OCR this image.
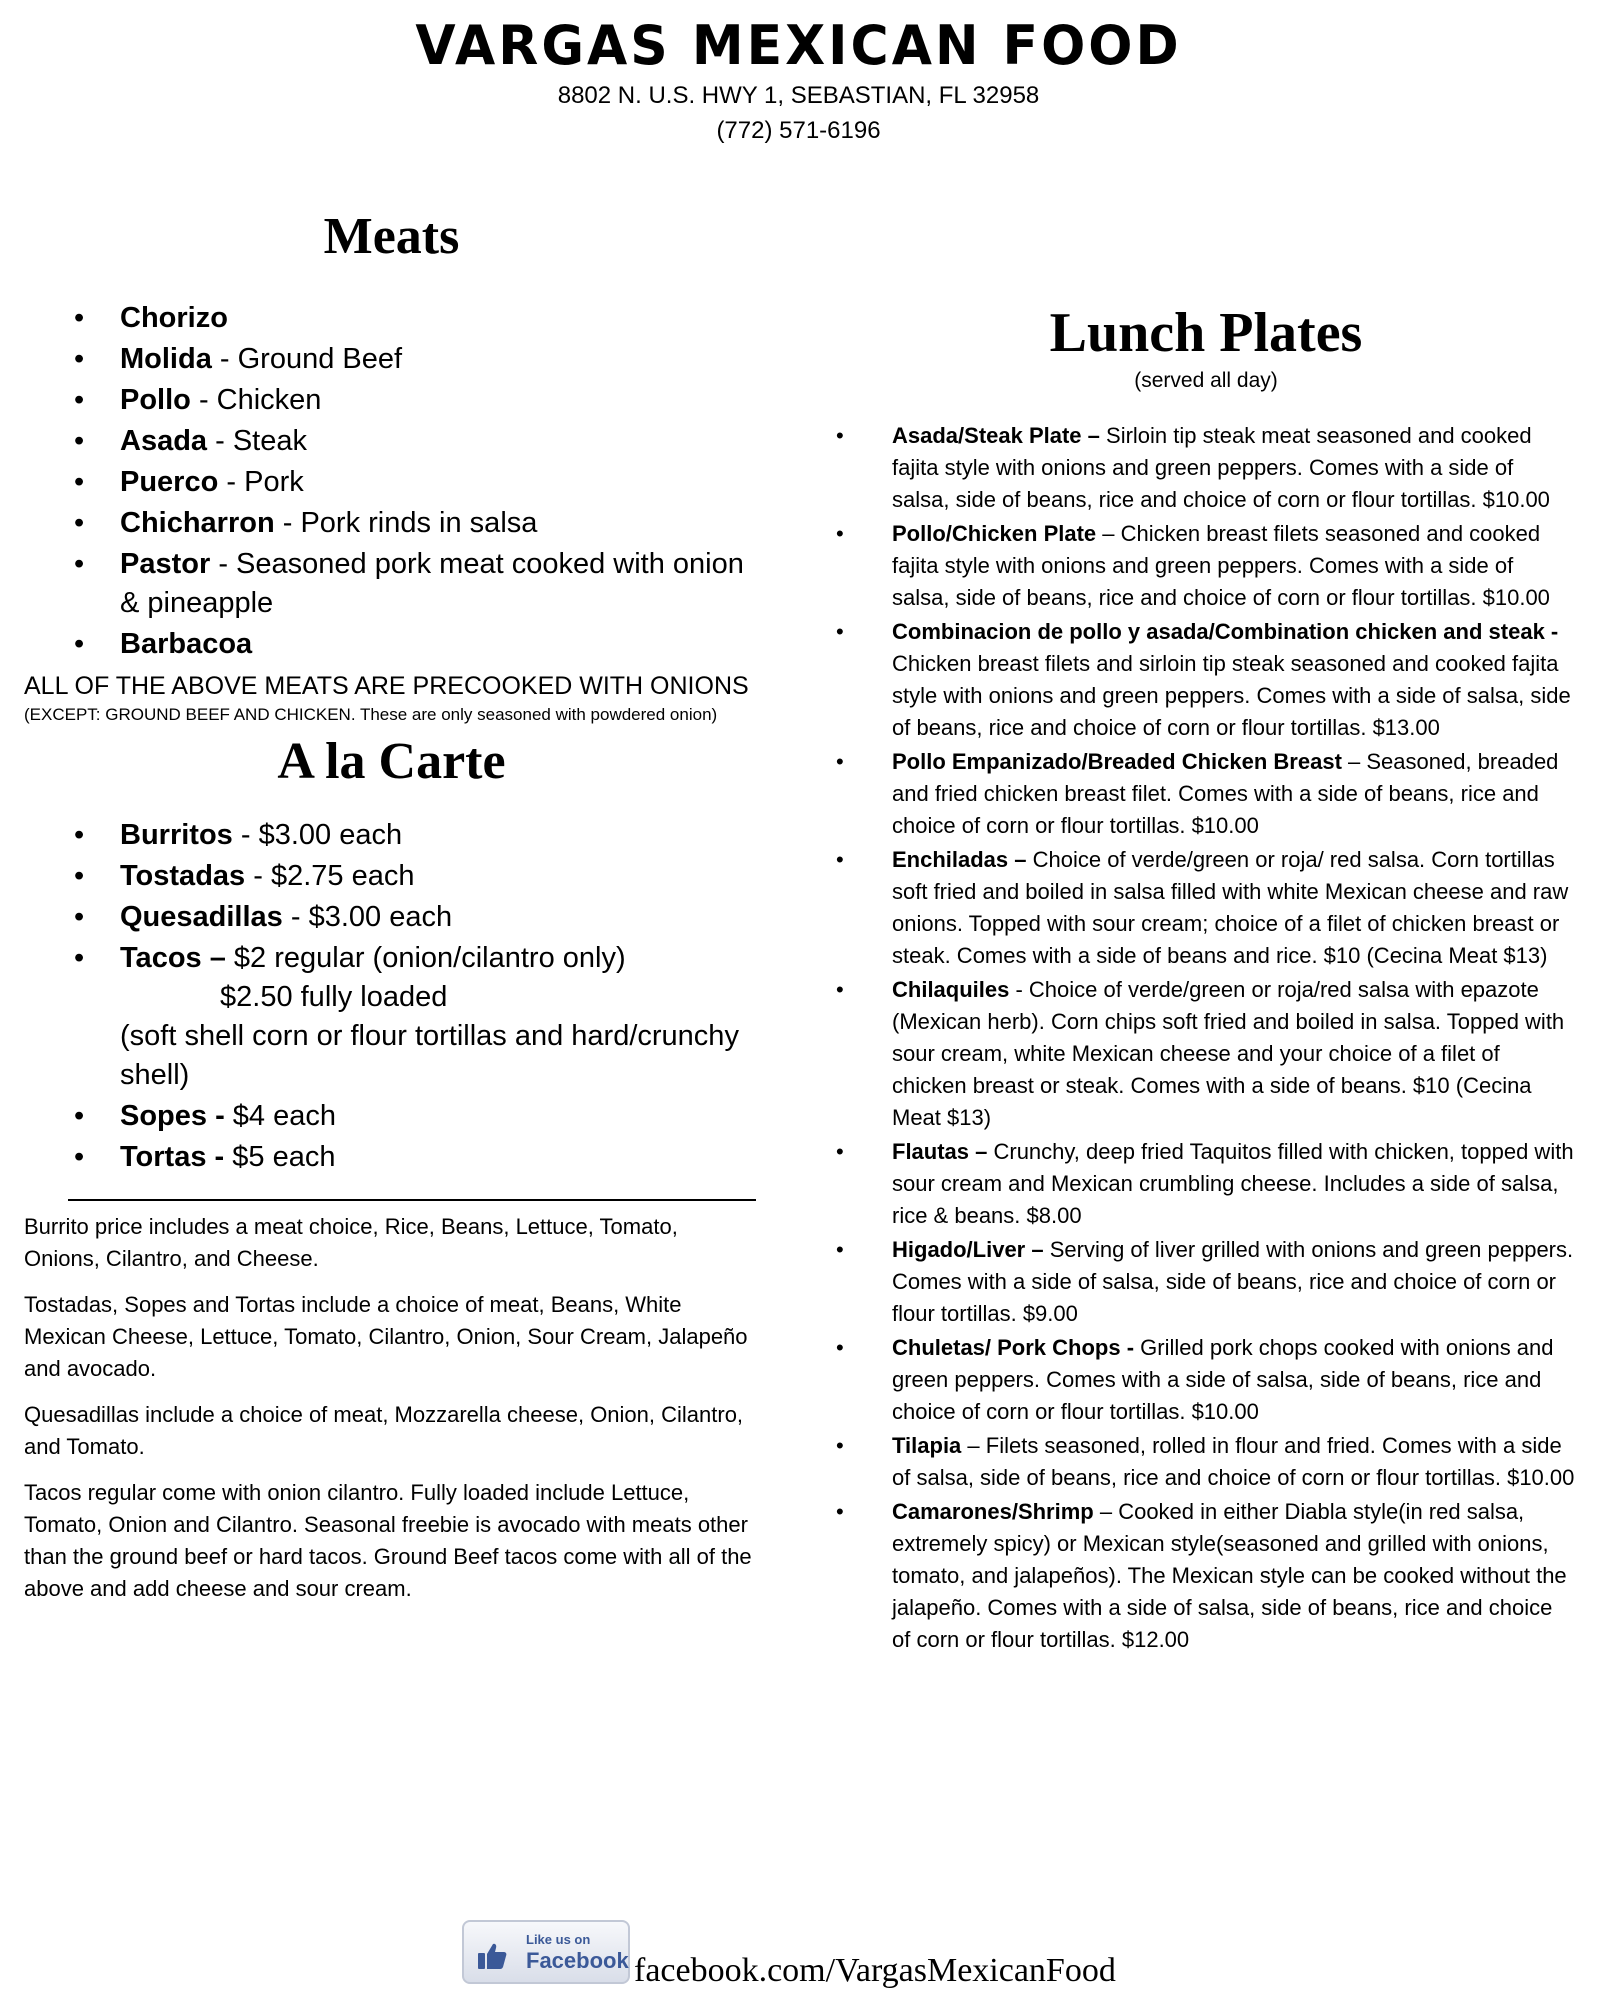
VARGAS MEXICAN FOOD

8802 N. U.S. HWY 1, SEBASTIAN, FL 32958

(772) 571-6196

Meats
• Chorizo
• Molida - Ground Beef
• Pollo - Chicken
• Asada - Steak
• Puerco - Pork
• Chicharron - Pork rinds in salsa
• Pastor - Seasoned pork meat cooked with onion & pineapple
• Barbacoa

ALL OF THE ABOVE MEATS ARE PRECOOKED WITH ONIONS

(EXCEPT: GROUND BEEF AND CHICKEN. These are only seasoned with powdered onion)

A la Carte
• Burritos - $3.00 each
• Tostadas - $2.75 each
• Quesadillas - $3.00 each
• Tacos – $2 regular (onion/cilantro only)
$2.50 fully loaded
(soft shell corn or flour tortillas and hard/crunchy shell)
• Sopes - $4 each
• Tortas - $5 each

Burrito price includes a meat choice, Rice, Beans, Lettuce, Tomato, Onions, Cilantro, and Cheese.

Tostadas, Sopes and Tortas include a choice of meat, Beans, White Mexican Cheese, Lettuce, Tomato, Cilantro, Onion, Sour Cream, Jalapeño and avocado.

Quesadillas include a choice of meat, Mozzarella cheese, Onion, Cilantro, and Tomato.

Tacos regular come with onion cilantro. Fully loaded include Lettuce, Tomato, Onion and Cilantro. Seasonal freebie is avocado with meats other than the ground beef or hard tacos. Ground Beef tacos come with all of the above and add cheese and sour cream.

Lunch Plates

(served all day)

• Asada/Steak Plate – Sirloin tip steak meat seasoned and cooked fajita style with onions and green peppers. Comes with a side of salsa, side of beans, rice and choice of corn or flour tortillas. $10.00
• Pollo/Chicken Plate – Chicken breast filets seasoned and cooked fajita style with onions and green peppers. Comes with a side of salsa, side of beans, rice and choice of corn or flour tortillas. $10.00
• Combinacion de pollo y asada/Combination chicken and steak - Chicken breast filets and sirloin tip steak seasoned and cooked fajita style with onions and green peppers. Comes with a side of salsa, side of beans, rice and choice of corn or flour tortillas. $13.00
• Pollo Empanizado/Breaded Chicken Breast – Seasoned, breaded and fried chicken breast filet. Comes with a side of beans, rice and choice of corn or flour tortillas. $10.00
• Enchiladas – Choice of verde/green or roja/ red salsa. Corn tortillas soft fried and boiled in salsa filled with white Mexican cheese and raw onions. Topped with sour cream; choice of a filet of chicken breast or steak. Comes with a side of beans and rice. $10 (Cecina Meat $13)
• Chilaquiles - Choice of verde/green or roja/red salsa with epazote (Mexican herb). Corn chips soft fried and boiled in salsa. Topped with sour cream, white Mexican cheese and your choice of a filet of chicken breast or steak. Comes with a side of beans. $10 (Cecina Meat $13)
• Flautas – Crunchy, deep fried Taquitos filled with chicken, topped with sour cream and Mexican crumbling cheese. Includes a side of salsa, rice & beans. $8.00
• Higado/Liver – Serving of liver grilled with onions and green peppers. Comes with a side of salsa, side of beans, rice and choice of corn or flour tortillas. $9.00
• Chuletas/ Pork Chops - Grilled pork chops cooked with onions and green peppers. Comes with a side of salsa, side of beans, rice and choice of corn or flour tortillas. $10.00
• Tilapia – Filets seasoned, rolled in flour and fried. Comes with a side of salsa, side of beans, rice and choice of corn or flour tortillas. $10.00
• Camarones/Shrimp – Cooked in either Diabla style(in red salsa, extremely spicy) or Mexican style(seasoned and grilled with onions, tomato, and jalapeños). The Mexican style can be cooked without the jalapeño. Comes with a side of salsa, side of beans, rice and choice of corn or flour tortillas. $12.00
Like us on
Facebook facebook.com/VargasMexicanFood
